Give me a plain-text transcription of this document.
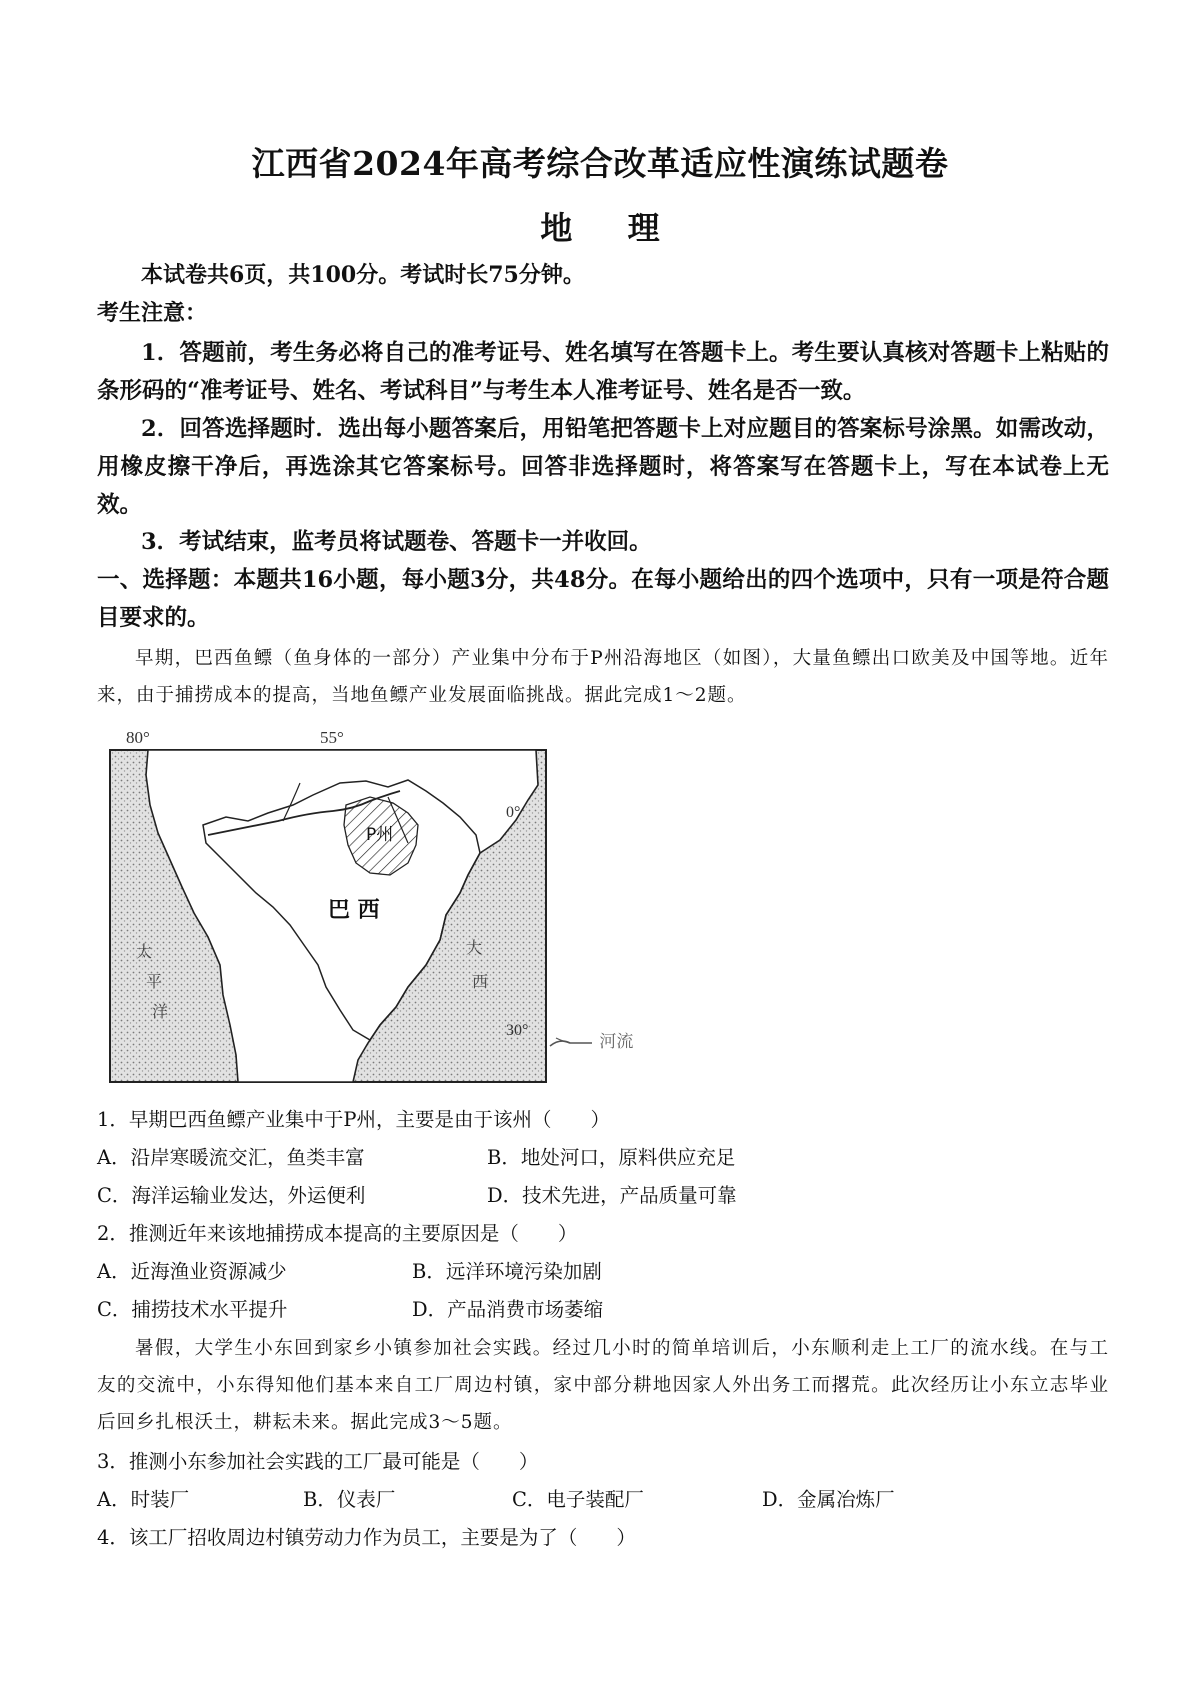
江西省2024年高考综合改革适应性演练试题卷
地 理
本试卷共6页，共100分。考试时长75分钟。
考生注意：
1．答题前，考生务必将自己的准考证号、姓名填写在答题卡上。考生要认真核对答题卡上粘贴的条形码的“准考证号、姓名、考试科目”与考生本人准考证号、姓名是否一致。
2．回答选择题时．选出每小题答案后，用铅笔把答题卡上对应题目的答案标号涂黑。如需改动，用橡皮擦干净后，再选涂其它答案标号。回答非选择题时，将答案写在答题卡上，写在本试卷上无效。
3．考试结束，监考员将试题卷、答题卡一并收回。
一、选择题：本题共16小题，每小题3分，共48分。在每小题给出的四个选项中，只有一项是符合题目要求的。
早期，巴西鱼鳔（鱼身体的一部分）产业集中分布于P州沿海地区（如图），大量鱼鳔出口欧美及中国等地。近年来，由于捕捞成本的提高，当地鱼鳔产业发展面临挑战。据此完成1～2题。
80°	55°
0°
30°
P州
巴 西
太
平
洋
大
西
河流
1．早期巴西鱼鳔产业集中于P州，主要是由于该州（　　）
A．沿岸寒暖流交汇，鱼类丰富	B．地处河口，原料供应充足
C．海洋运输业发达，外运便利	D．技术先进，产品质量可靠
2．推测近年来该地捕捞成本提高的主要原因是（　　）
A．近海渔业资源减少	B．远洋环境污染加剧
C．捕捞技术水平提升	D．产品消费市场萎缩
暑假，大学生小东回到家乡小镇参加社会实践。经过几小时的简单培训后，小东顺利走上工厂的流水线。在与工友的交流中，小东得知他们基本来自工厂周边村镇，家中部分耕地因家人外出务工而撂荒。此次经历让小东立志毕业后回乡扎根沃土，耕耘未来。据此完成3～5题。
3．推测小东参加社会实践的工厂最可能是（　　）
A．时装厂	B．仪表厂	C．电子装配厂	D．金属冶炼厂
4．该工厂招收周边村镇劳动力作为员工，主要是为了（　　）
